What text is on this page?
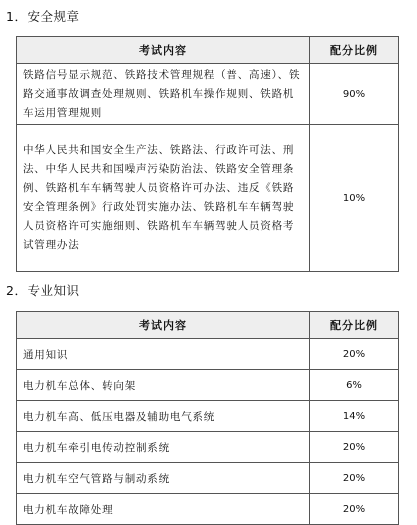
1．安全规章
考试内容	配分比例
铁路信号显示规范、铁路技术管理规程（普、高速）、铁路交通事故调查处理规则、铁路机车操作规则、铁路机车运用管理规则	90%
中华人民共和国安全生产法、铁路法、行政许可法、刑法、中华人民共和国噪声污染防治法、铁路安全管理条例、铁路机车车辆驾驶人员资格许可办法、违反《铁路安全管理条例》行政处罚实施办法、铁路机车车辆驾驶人员资格许可实施细则、铁路机车车辆驾驶人员资格考试管理办法	10%
2．专业知识
考试内容	配分比例
通用知识	20%
电力机车总体、转向架	6%
电力机车高、低压电器及辅助电气系统	14%
电力机车牵引电传动控制系统	20%
电力机车空气管路与制动系统	20%
电力机车故障处理	20%
